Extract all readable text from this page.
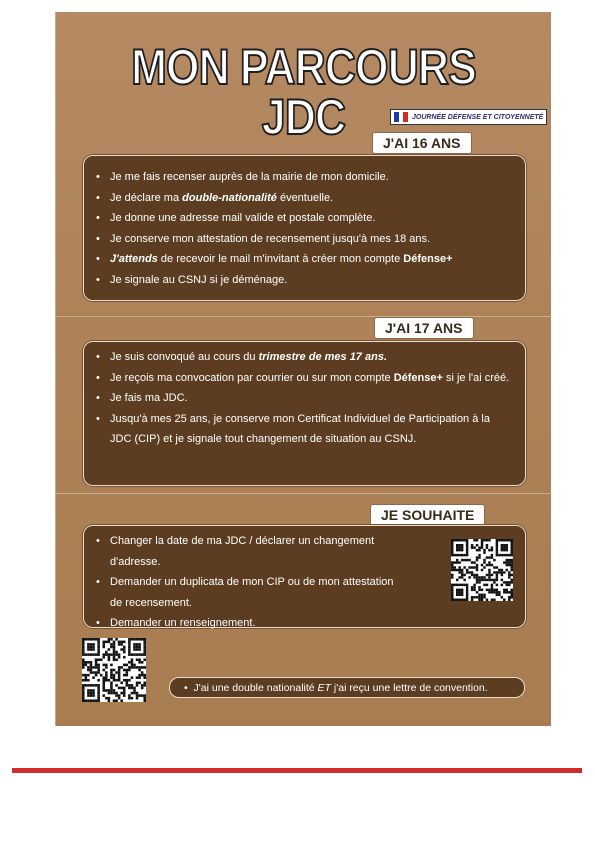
MON PARCOURS JDC	JOURNÉE DÉFENSE ET CITOYENNETÉ
J'AI 16 ANS
• Je me fais recenser auprès de la mairie de mon domicile.
• Je déclare ma double-nationalité éventuelle.
• Je donne une adresse mail valide et postale complète.
• Je conserve mon attestation de recensement jusqu'à mes 18 ans.
• J'attends de recevoir le mail m'invitant à créer mon compte Défense+
• Je signale au CSNJ si je déménage.
J'AI 17 ANS
• Je suis convoqué au cours du trimestre de mes 17 ans.
• Je reçois ma convocation par courrier ou sur mon compte Défense+ si je l'ai créé.
• Je fais ma JDC.
• Jusqu'à mes 25 ans, je conserve mon Certificat Individuel de Participation à la JDC (CIP) et je signale tout changement de situation au CSNJ.
JE SOUHAITE
• Changer la date de ma JDC / déclarer un changement d'adresse.
• Demander un duplicata de mon CIP ou de mon attestation de recensement.
• Demander un renseignement.
•  J'ai une double nationalité ET j'ai reçu une lettre de convention.
